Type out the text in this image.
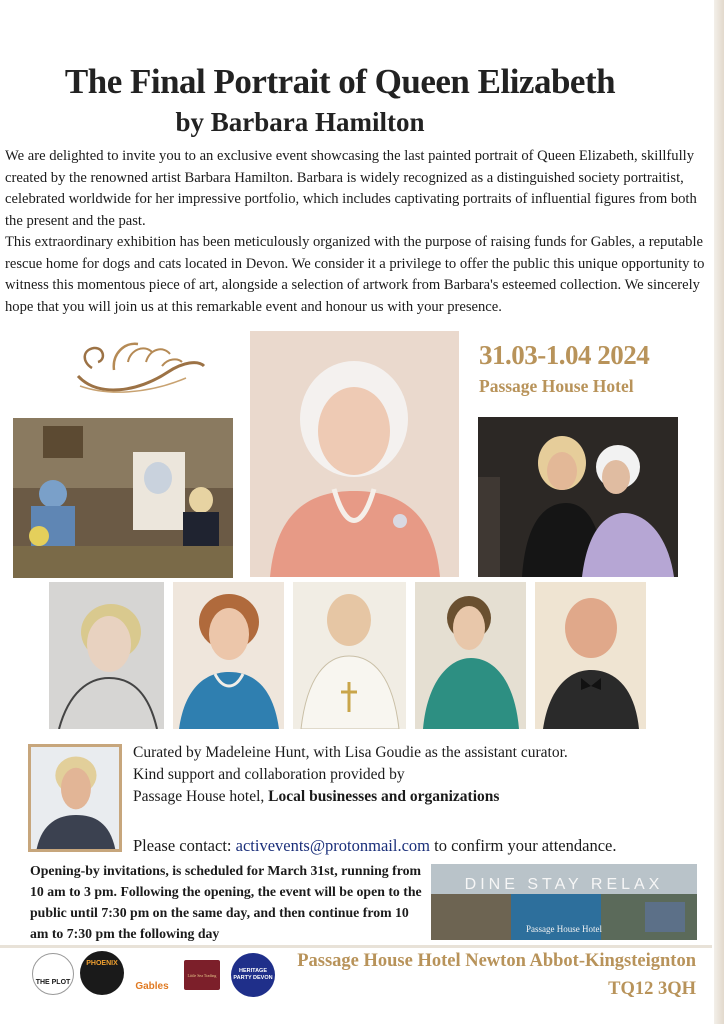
The Final Portrait of Queen Elizabeth
by Barbara Hamilton

We are delighted to invite you to an exclusive event showcasing the last painted portrait of Queen Elizabeth, skillfully created by the renowned artist Barbara Hamilton. Barbara is widely recognized as a distinguished society portraitist, celebrated worldwide for her impressive portfolio, which includes captivating portraits of influential figures from both the present and the past.

This extraordinary exhibition has been meticulously organized with the purpose of raising funds for Gables, a reputable rescue home for dogs and cats located in Devon. We consider it a privilege to offer the public this unique opportunity to witness this momentous piece of art, alongside a selection of artwork from Barbara's esteemed collection. We sincerely hope that you will join us at this remarkable event and honour us with your presence.

31.03-1.04 2024
Passage House Hotel
Curated by Madeleine Hunt, with Lisa Goudie as the assistant curator.
Kind support and collaboration provided by
Passage House hotel, Local businesses and organizations
Please contact: activevents@protonmail.com to confirm your attendance.

Opening-by invitations, is scheduled for March 31st, running from 10 am to 3 pm. Following the opening, the event will be open to the public until 7:30 pm on the same day, and then continue from 10 am to 7:30 pm the following day

DINE STAY RELAX
Passage House Hotel
THE PLOT
PHOENIX
Gables
Little Sea Trading
HERITAGE PARTY DEVON
Passage House Hotel Newton Abbot-Kingsteignton
TQ12 3QH
